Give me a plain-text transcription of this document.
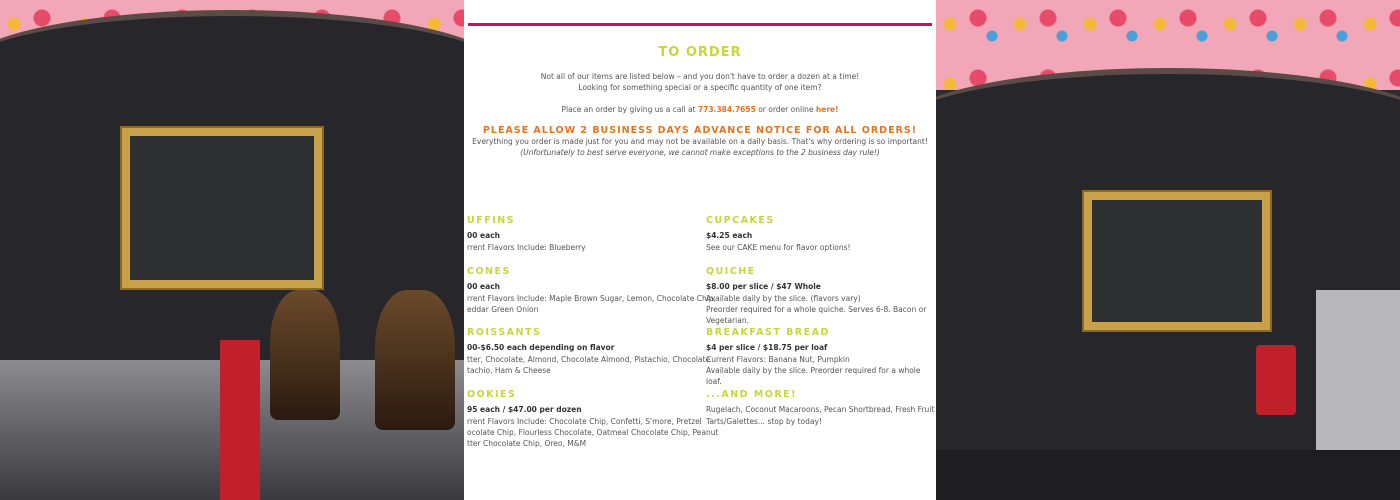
TO ORDER
Not all of our items are listed below – and you don't have to order a dozen at a time!
Looking for something special or a specific quantity of one item?
Place an order by giving us a call at 773.384.7655 or order online here!
PLEASE ALLOW 2 BUSINESS DAYS ADVANCE NOTICE FOR ALL ORDERS!
Everything you order is made just for you and may not be available on a daily basis. That's why ordering is so important!
(Unfortunately to best serve everyone, we cannot make exceptions to the 2 business day rule!)
UFFINS
00 each
rrent Flavors Include: Blueberry
CONES
00 each
rrent Flavors Include: Maple Brown Sugar, Lemon, Chocolate Chip,
eddar Green Onion
ROISSANTS
00-$6.50 each depending on flavor
tter, Chocolate, Almond, Chocolate Almond, Pistachio, Chocolate
tachio, Ham & Cheese
OOKIES
95 each / $47.00 per dozen
rrent Flavors Include: Chocolate Chip, Confetti, S'more, Pretzel
ocolate Chip, Flourless Chocolate, Oatmeal Chocolate Chip, Peanut
tter Chocolate Chip, Oreo, M&M
CUPCAKES
$4.25 each
See our CAKE menu for flavor options!
QUICHE
$8.00 per slice / $47 Whole
Available daily by the slice. (flavors vary)
Preorder required for a whole quiche. Serves 6-8. Bacon or Vegetarian.
BREAKFAST BREAD
$4 per slice / $18.75 per loaf
Current Flavors: Banana Nut, Pumpkin
Available daily by the slice. Preorder required for a whole loaf.
...AND MORE!
Rugelach, Coconut Macaroons, Pecan Shortbread, Fresh Fruit
Tarts/Galettes... stop by today!
